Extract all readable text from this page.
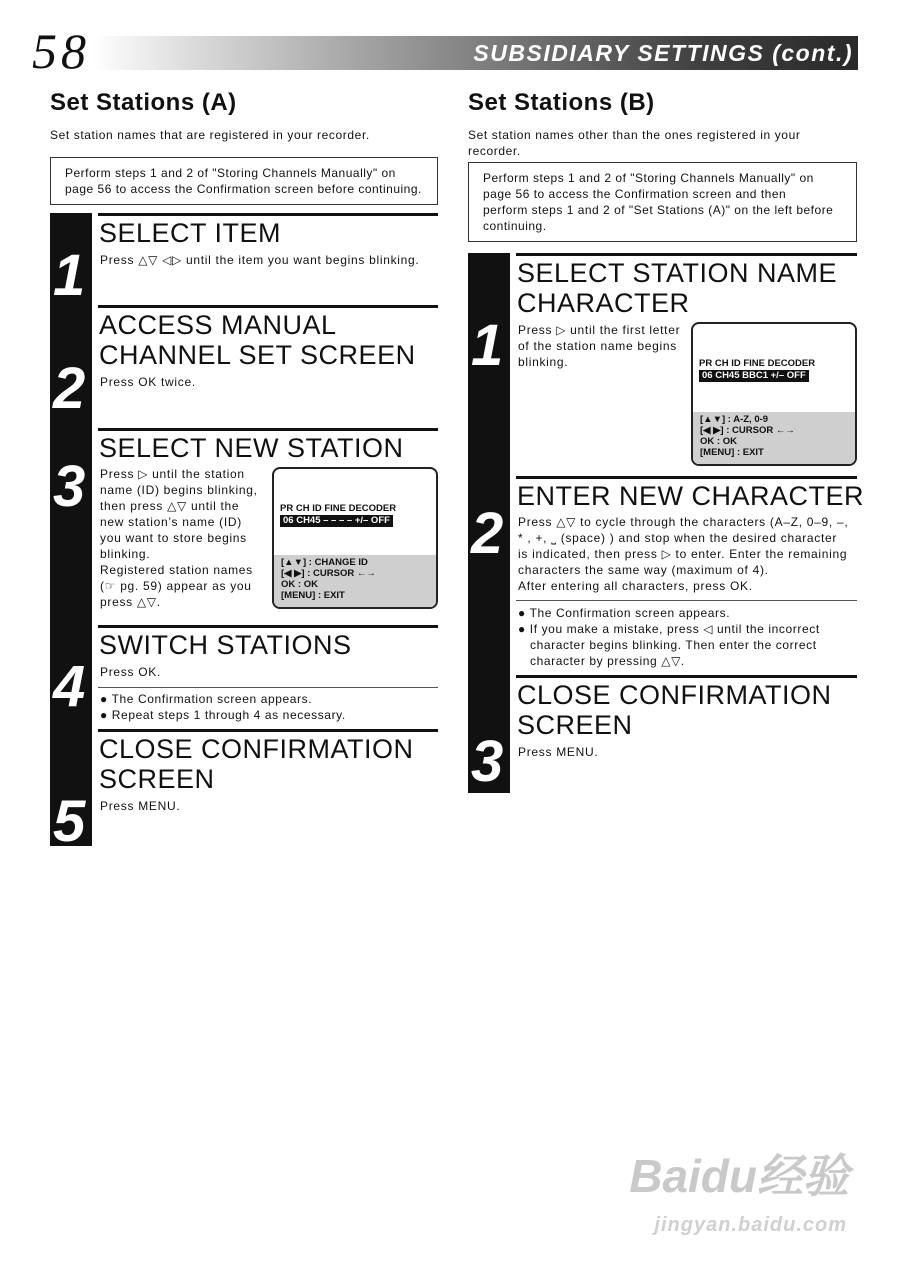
58	SUBSIDIARY SETTINGS (cont.)
Set Stations (A)
Set station names that are registered in your recorder.
Perform steps 1 and 2 of "Storing Channels Manually" on
page 56 to access the Confirmation screen before continuing.
1
2
3
4
5
SELECT ITEM
Press △▽ ◁▷ until the item you want begins blinking.
ACCESS MANUAL
CHANNEL SET SCREEN
Press OK twice.
SELECT NEW STATION
Press ▷ until the station
name (ID) begins blinking,
then press △▽ until the
new station’s name (ID)
you want to store begins
blinking.
Registered station names
(☞ pg. 59) appear as you
press △▽.
PR CH ID FINE DECODER
06 CH45 – – – – +/– OFF
[▲▼] : CHANGE ID
[◀ ▶] : CURSOR ←→
OK : OK
[MENU] : EXIT
SWITCH STATIONS
Press OK.
● The Confirmation screen appears.
● Repeat steps 1 through 4 as necessary.
CLOSE CONFIRMATION
SCREEN
Press MENU.
Set Stations (B)
Set station names other than the ones registered in your
recorder.
Perform steps 1 and 2 of "Storing Channels Manually" on
page 56 to access the Confirmation screen and then
perform steps 1 and 2 of "Set Stations (A)" on the left before
continuing.
1
2
3
SELECT STATION NAME
CHARACTER
Press ▷ until the first letter
of the station name begins
blinking.	PR CH ID FINE DECODER
06 CH45 BBC1 +/– OFF
[▲▼] : A-Z, 0-9
[◀ ▶] : CURSOR ←→
OK : OK
[MENU] : EXIT
ENTER NEW CHARACTER
Press △▽ to cycle through the characters (A–Z, 0–9, –,
* , +, ⎵ (space) ) and stop when the desired character
is indicated, then press ▷ to enter. Enter the remaining
characters the same way (maximum of 4).
After entering all characters, press OK.
● The Confirmation screen appears.
● If you make a mistake, press ◁ until the incorrect
character begins blinking. Then enter the correct
character by pressing △▽.
CLOSE CONFIRMATION
SCREEN
Press MENU.
Baidu经验
jingyan.baidu.com
